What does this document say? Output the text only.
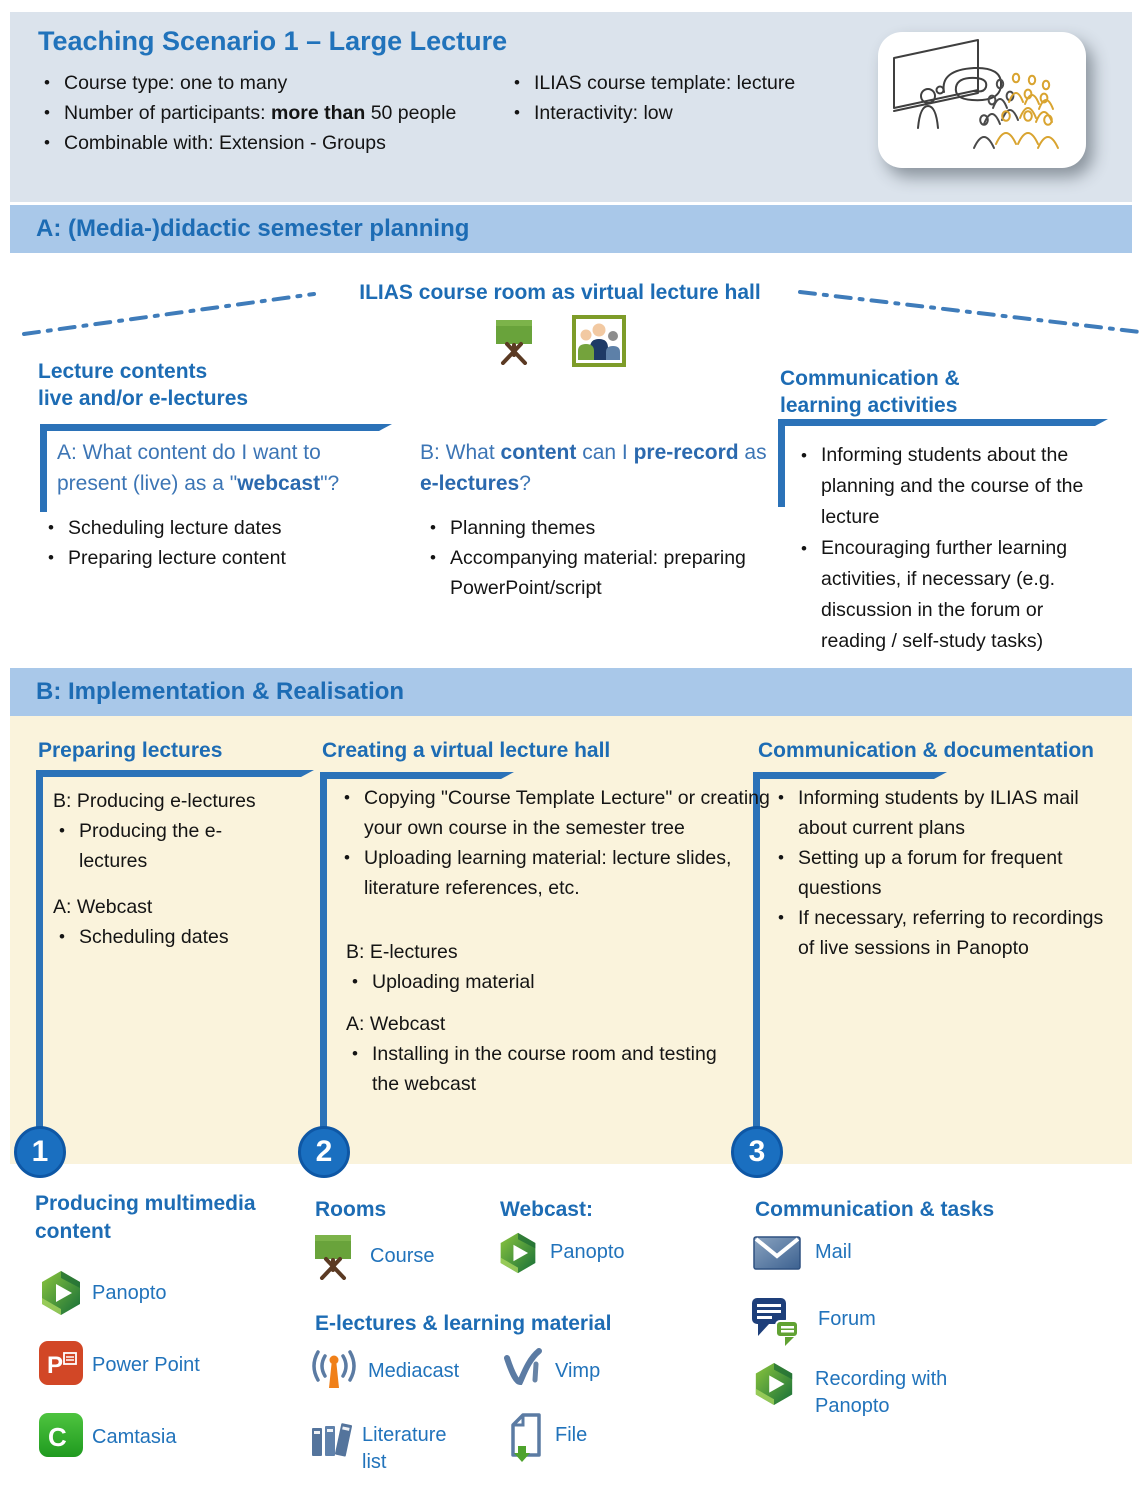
Teaching Scenario 1 – Large Lecture
• Course type: one to many
• Number of participants: more than 50 people
• Combinable with: Extension - Groups
• ILIAS course template: lecture
• Interactivity: low
A: (Media-)didactic semester planning
ILIAS course room as virtual lecture hall
Lecture contents
live and/or e-lectures
A: What content do I want to present (live) as a "webcast"?
• Scheduling lecture dates
• Preparing lecture content
B: What content can I pre-record as e-lectures?
• Planning themes
• Accompanying material: preparing PowerPoint/script
Communication &
learning activities
• Informing students about the planning and the course of the lecture
• Encouraging further learning activities, if necessary (e.g. discussion in the forum or reading / self-study tasks)
B: Implementation & Realisation
Preparing lectures	Creating a virtual lecture hall	Communication & documentation
B: Producing e-lectures
• Producing the e-lectures
A: Webcast
• Scheduling dates
• Copying "Course Template Lecture" or creating your own course in the semester tree
• Uploading learning material: lecture slides, literature references, etc.
B: E-lectures
• Uploading material
A: Webcast
• Installing in the course room and testing the webcast
• Informing students by ILIAS mail about current plans
• Setting up a forum for frequent questions
• If necessary, referring to recordings of live sessions in Panopto
1	2	3
Producing multimedia content
Panopto
P Power Point
C Camtasia
Rooms
Course
Webcast:
Panopto
E-lectures & learning material
Mediacast	Vimp
Literature list
File
Communication & tasks
Mail
Forum
Recording with Panopto
